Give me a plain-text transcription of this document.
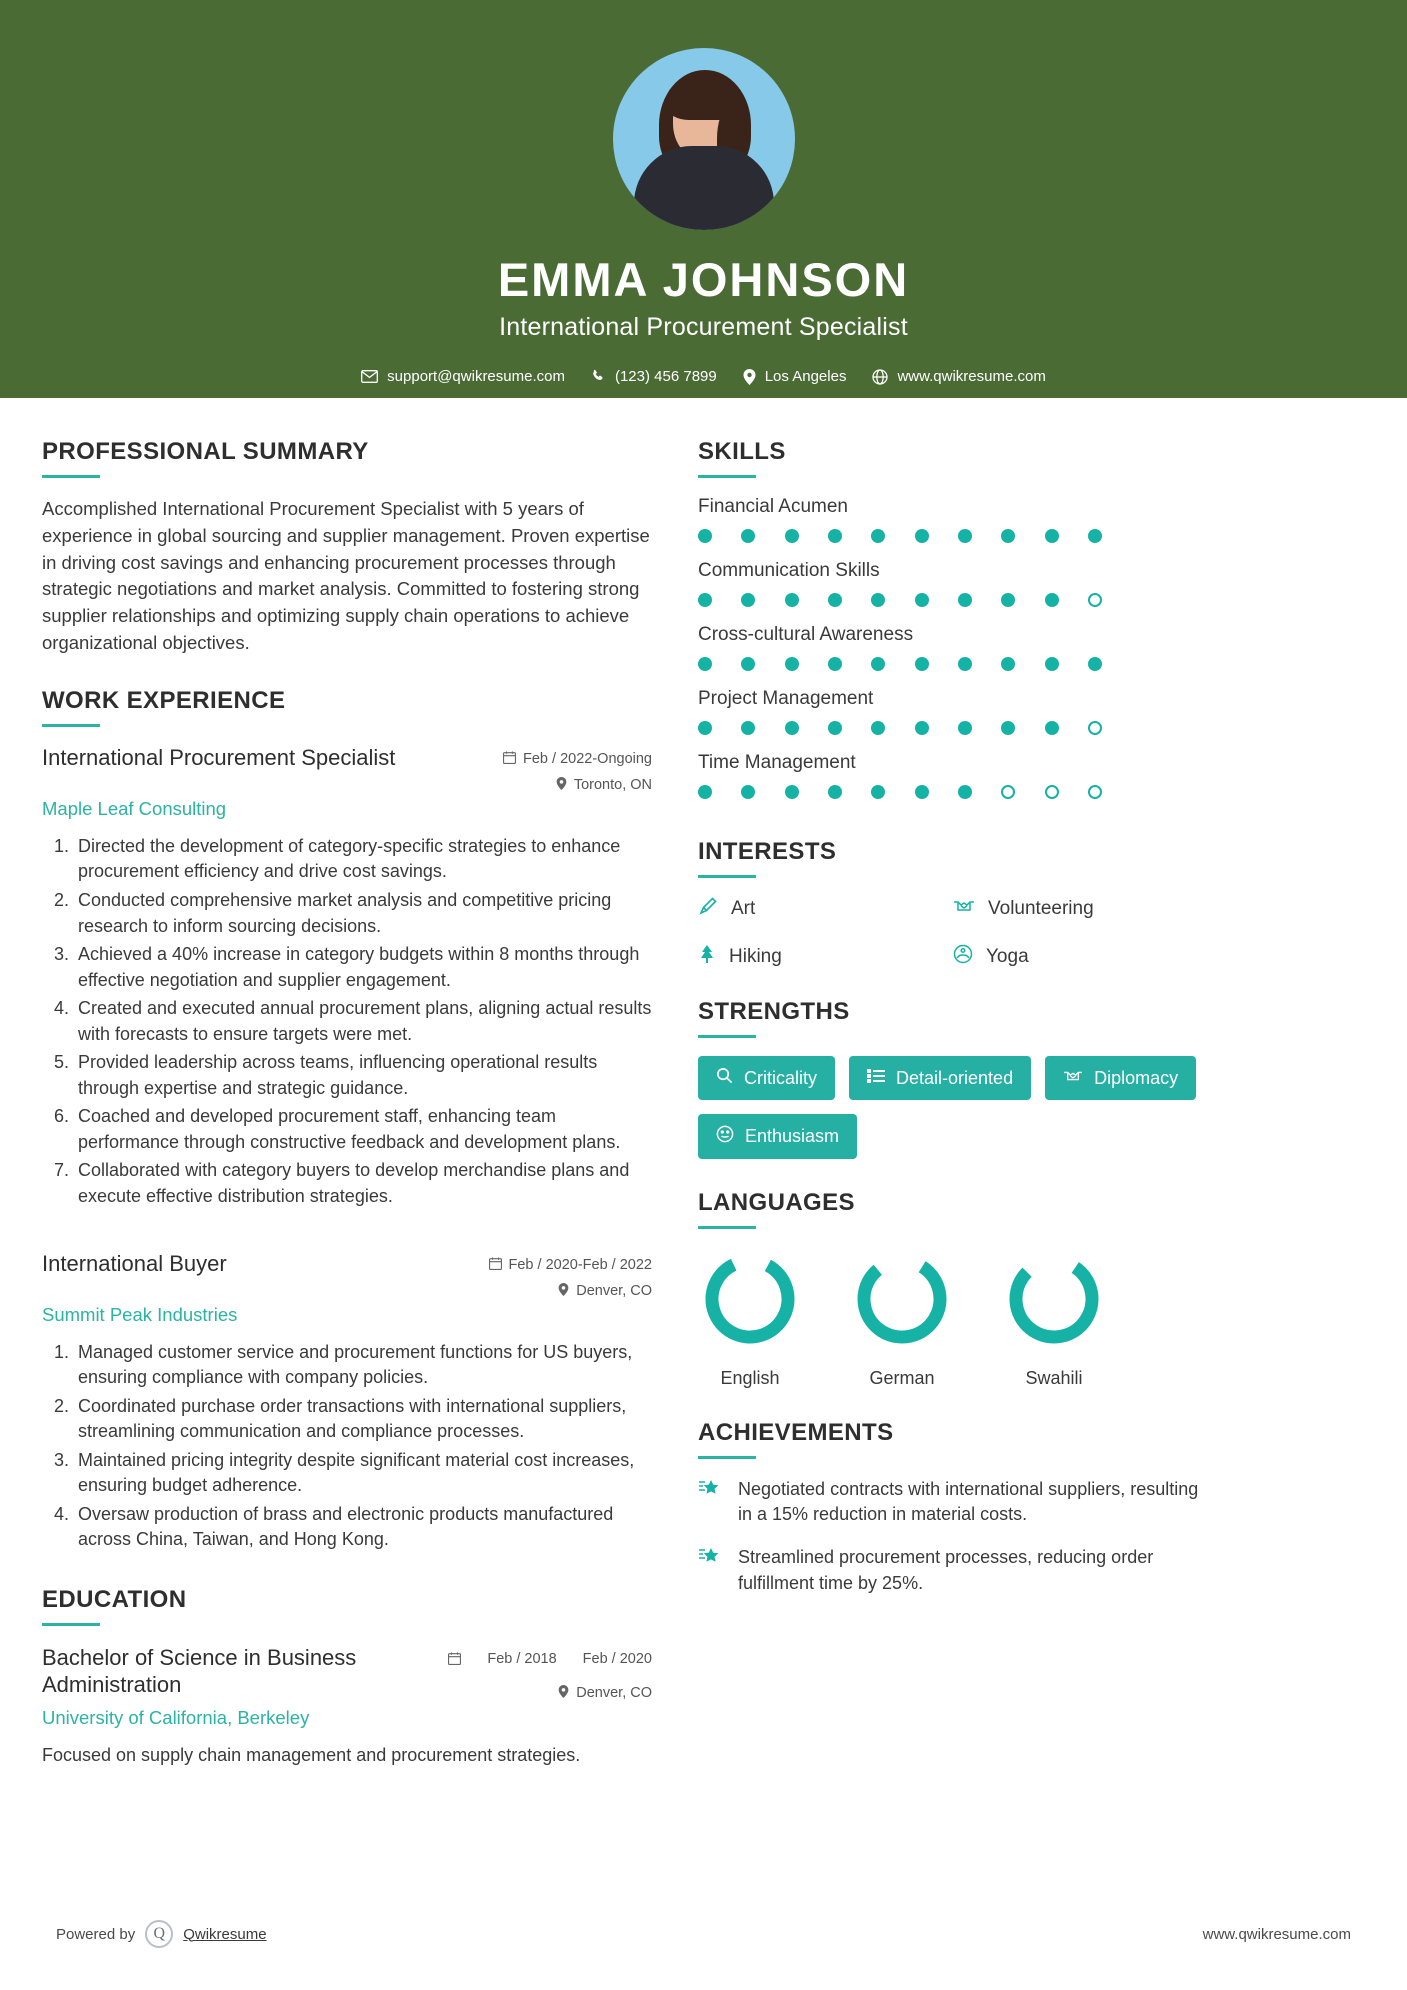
EMMA JOHNSON
International Procurement Specialist
support@qwikresume.com	(123) 456 7899	Los Angeles	www.qwikresume.com
PROFESSIONAL SUMMARY
Accomplished International Procurement Specialist with 5 years of experience in global sourcing and supplier management. Proven expertise in driving cost savings and enhancing procurement processes through strategic negotiations and market analysis. Committed to fostering strong supplier relationships and optimizing supply chain operations to achieve organizational objectives.
WORK EXPERIENCE
International Procurement Specialist	Feb / 2022-Ongoing
Toronto, ON
Maple Leaf Consulting
1. Directed the development of category-specific strategies to enhance procurement efficiency and drive cost savings.
2. Conducted comprehensive market analysis and competitive pricing research to inform sourcing decisions.
3. Achieved a 40% increase in category budgets within 8 months through effective negotiation and supplier engagement.
4. Created and executed annual procurement plans, aligning actual results with forecasts to ensure targets were met.
5. Provided leadership across teams, influencing operational results through expertise and strategic guidance.
6. Coached and developed procurement staff, enhancing team performance through constructive feedback and development plans.
7. Collaborated with category buyers to develop merchandise plans and execute effective distribution strategies.
International Buyer	Feb / 2020-Feb / 2022
Denver, CO
Summit Peak Industries
1. Managed customer service and procurement functions for US buyers, ensuring compliance with company policies.
2. Coordinated purchase order transactions with international suppliers, streamlining communication and compliance processes.
3. Maintained pricing integrity despite significant material cost increases, ensuring budget adherence.
4. Oversaw production of brass and electronic products manufactured across China, Taiwan, and Hong Kong.
EDUCATION
Bachelor of Science in Business Administration
University of California, Berkeley
Feb / 2018 Feb / 2020
Denver, CO
Focused on supply chain management and procurement strategies.
SKILLS
Financial Acumen
Communication Skills
Cross-cultural Awareness
Project Management
Time Management
INTERESTS
Art	Volunteering
Hiking	Yoga
STRENGTHS
Criticality	Detail-oriented	Diplomacy
Enthusiasm
LANGUAGES
English	German	Swahili
ACHIEVEMENTS
Negotiated contracts with international suppliers, resulting in a 15% reduction in material costs.
Streamlined procurement processes, reducing order fulfillment time by 25%.
Powered by	Q	Qwikresume	www.qwikresume.com
